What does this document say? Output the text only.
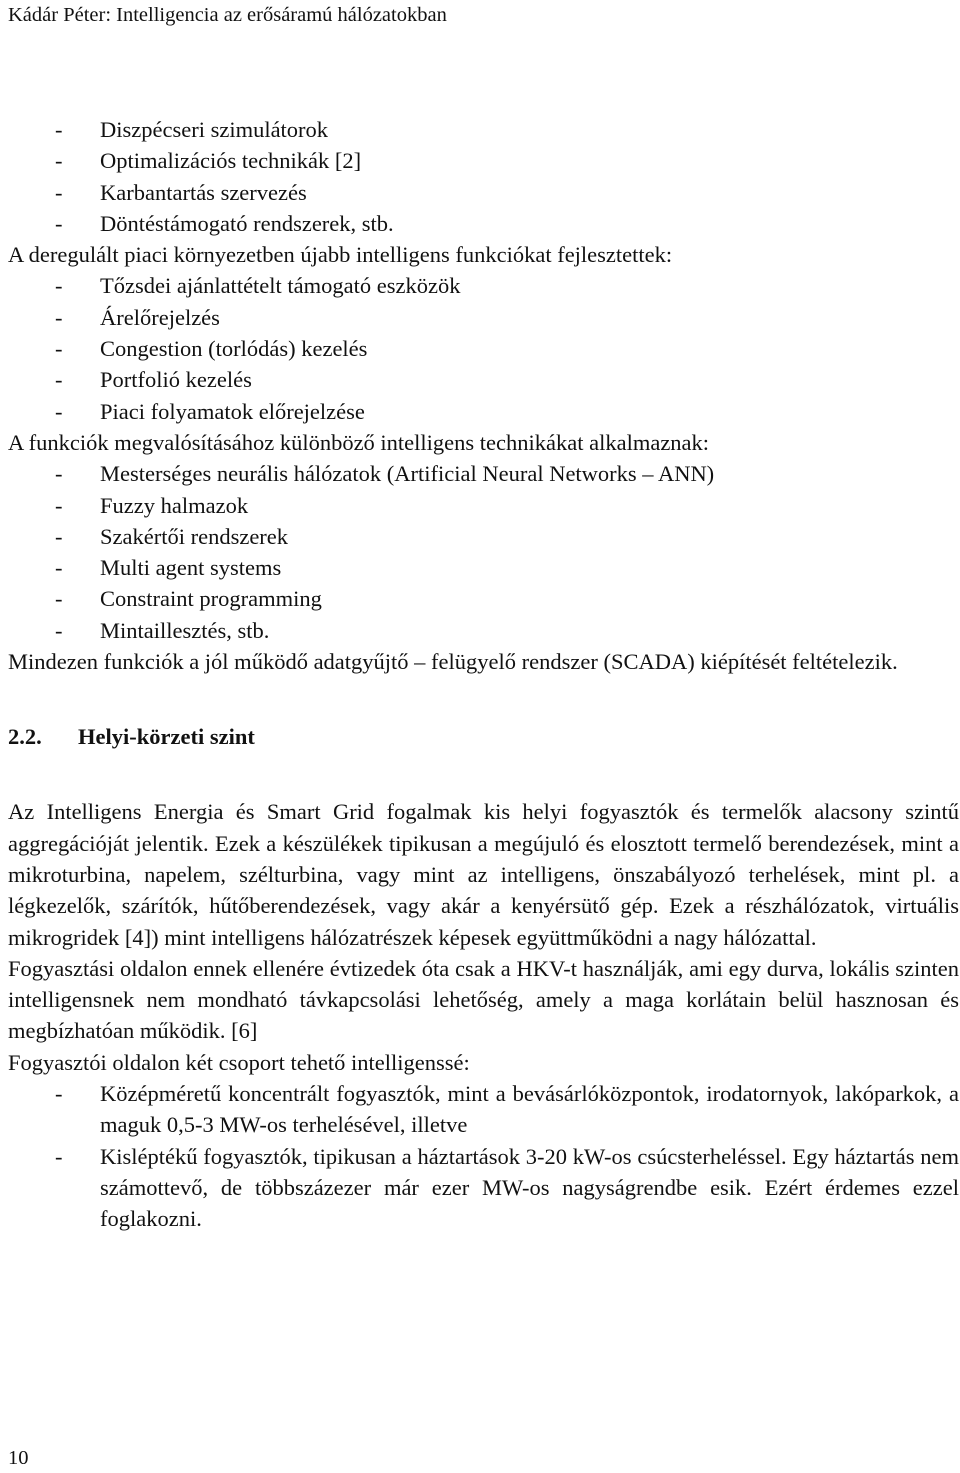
Kádár Péter: Intelligencia az erősáramú hálózatokban
- Diszpécseri szimulátorok
- Optimalizációs technikák [2]
- Karbantartás szervezés
- Döntéstámogató rendszerek, stb.

A deregulált piaci környezetben újabb intelligens funkciókat fejlesztettek:

- Tőzsdei ajánlattételt támogató eszközök
- Árelőrejelzés
- Congestion (torlódás) kezelés
- Portfolió kezelés
- Piaci folyamatok előrejelzése

A funkciók megvalósításához különböző intelligens technikákat alkalmaznak:

- Mesterséges neurális hálózatok (Artificial Neural Networks – ANN)
- Fuzzy halmazok
- Szakértői rendszerek
- Multi agent systems
- Constraint programming
- Mintaillesztés, stb.

Mindezen funkciók a jól működő adatgyűjtő – felügyelő rendszer (SCADA) kiépítését feltételezik.

2.2. Helyi-körzeti szint

Az Intelligens Energia és Smart Grid fogalmak kis helyi fogyasztók és termelők alacsony szintű aggregációját jelentik. Ezek a készülékek tipikusan a megújuló és elosztott termelő berendezések, mint a mikroturbina, napelem, szélturbina, vagy mint az intelligens, önszabályozó terhelések, mint pl. a légkezelők, szárítók, hűtőberendezések, vagy akár a kenyérsütő gép. Ezek a részhálózatok, virtuális mikrogridek [4]) mint intelligens hálózatrészek képesek együttműködni a nagy hálózattal.

Fogyasztási oldalon ennek ellenére évtizedek óta csak a HKV-t használják, ami egy durva, lokális szinten intelligensnek nem mondható távkapcsolási lehetőség, amely a maga korlátain belül hasznosan és megbízhatóan működik. [6]

Fogyasztói oldalon két csoport tehető intelligenssé:

- Középméretű koncentrált fogyasztók, mint a bevásárlóközpontok, irodatornyok, lakóparkok, a maguk 0,5-3 MW-os terhelésével, illetve
- Kisléptékű fogyasztók, tipikusan a háztartások 3-20 kW-os csúcsterheléssel. Egy háztartás nem számottevő, de többszázezer már ezer MW-os nagyságrendbe esik. Ezért érdemes ezzel foglakozni.
10
